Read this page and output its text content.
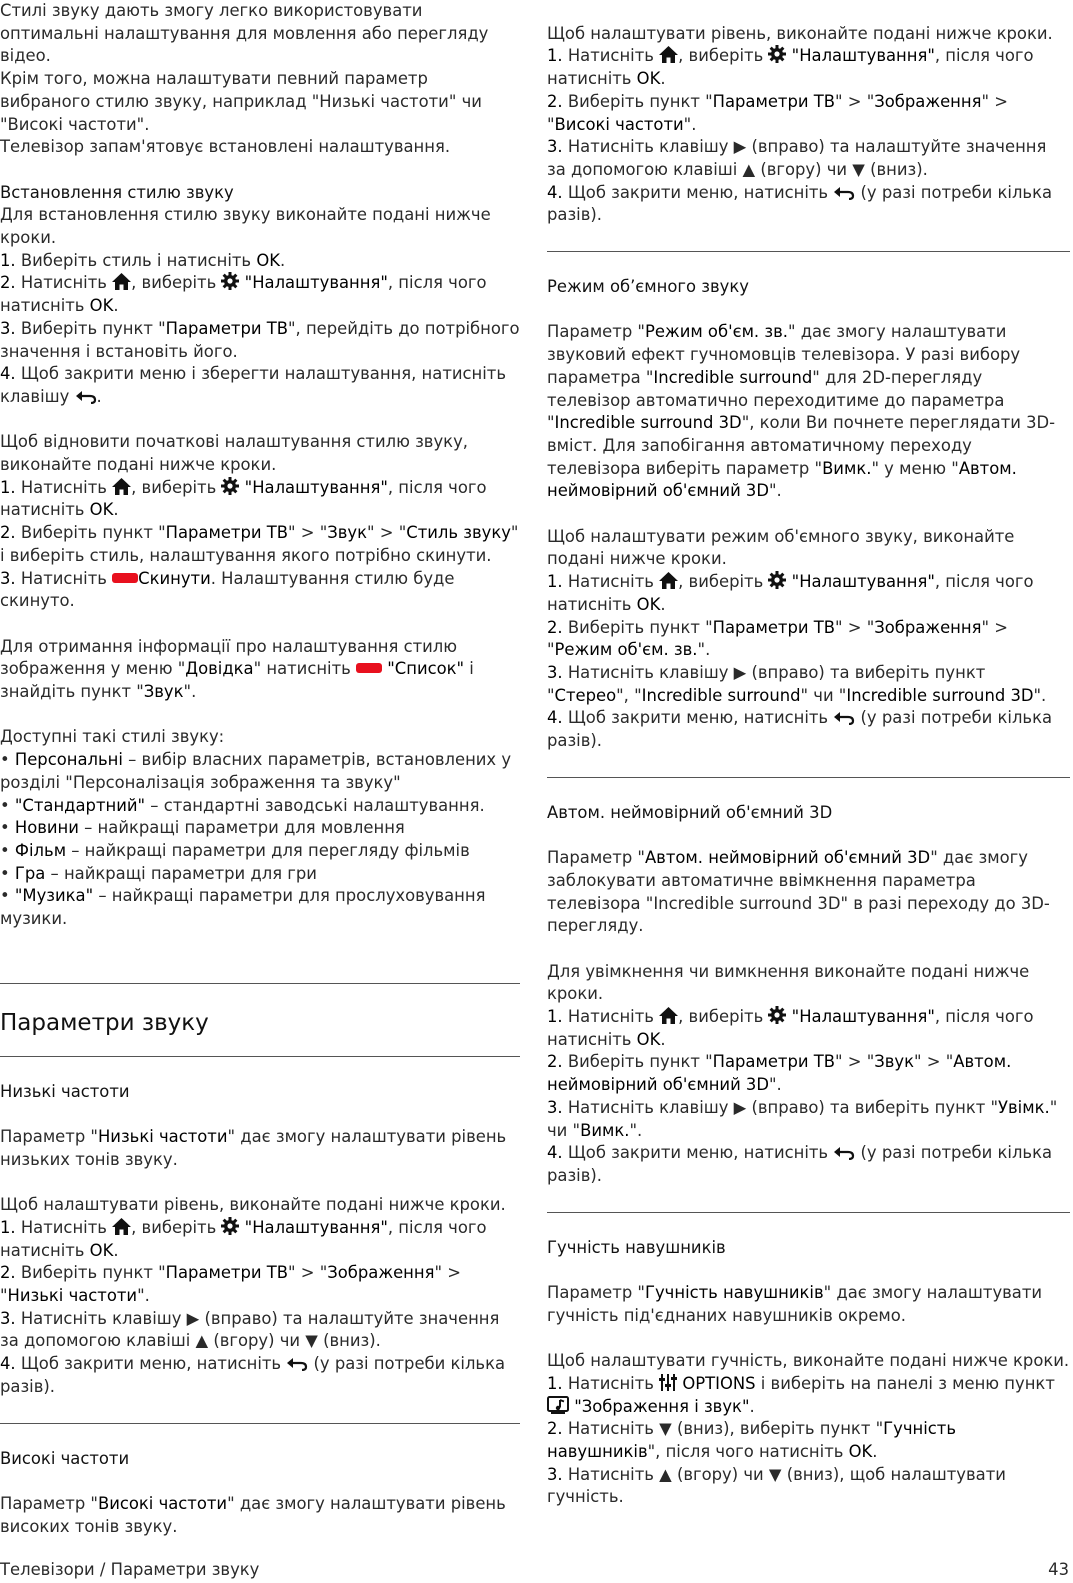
Стилі звуку дають змогу легко використовувати оптимальні налаштування для мовлення або перегляду відео.

Крім того, можна налаштувати певний параметр вибраного стилю звуку, наприклад "Низькі частоти" чи "Високі частоти".

Телевізор запам'ятовує встановлені налаштування.

Встановлення стилю звуку

Для встановлення стилю звуку виконайте подані нижче кроки.

1. Виберіть стиль і натисніть OK.

2. Натисніть , виберіть  "Налаштування", після чого натисніть OK.

3. Виберіть пункт "Параметри ТВ", перейдіть до потрібного значення і встановіть його.

4. Щоб закрити меню і зберегти налаштування, натисніть клавішу .

Щоб відновити початкові налаштування стилю звуку, виконайте подані нижче кроки.

1. Натисніть , виберіть  "Налаштування", після чого натисніть OK.

2. Виберіть пункт "Параметри ТВ" > "Звук" > "Стиль звуку" і виберіть стиль, налаштування якого потрібно скинути.

3. Натисніть Скинути. Налаштування стилю буде скинуто.

Для отримання інформації про налаштування стилю зображення у меню "Довідка" натисніть  "Список" і знайдіть пункт "Звук".

Доступні такі стилі звуку:

• Персональні – вибір власних параметрів, встановлених у розділі "Персоналізація зображення та звуку"

• "Стандартний" – стандартні заводські налаштування.

• Новини – найкращі параметри для мовлення

• Фільм – найкращі параметри для перегляду фільмів

• Гра – найкращі параметри для гри

• "Музика" – найкращі параметри для прослуховування музики.

Параметри звуку
Низькі частоти

Параметр "Низькі частоти" дає змогу налаштувати рівень низьких тонів звуку.

Щоб налаштувати рівень, виконайте подані нижче кроки.

1. Натисніть , виберіть  "Налаштування", після чого натисніть OK.

2. Виберіть пункт "Параметри ТВ" > "Зображення" > "Низькі частоти".

3. Натисніть клавішу ▶ (вправо) та налаштуйте значення за допомогою клавіші ▲ (вгору) чи ▼ (вниз).

4. Щоб закрити меню, натисніть  (у разі потреби кілька разів).

Високі частоти

Параметр "Високі частоти" дає змогу налаштувати рівень високих тонів звуку.

Щоб налаштувати рівень, виконайте подані нижче кроки.

1. Натисніть , виберіть  "Налаштування", після чого натисніть OK.

2. Виберіть пункт "Параметри ТВ" > "Зображення" > "Високі частоти".

3. Натисніть клавішу ▶ (вправо) та налаштуйте значення за допомогою клавіші ▲ (вгору) чи ▼ (вниз).

4. Щоб закрити меню, натисніть  (у разі потреби кілька разів).

Режим об’ємного звуку

Параметр "Режим об'єм. зв." дає змогу налаштувати звуковий ефект гучномовців телевізора. У разі вибору параметра "Incredible surround" для 2D-перегляду телевізор автоматично переходитиме до параметра "Incredible surround 3D", коли Ви почнете переглядати 3D-вміст. Для запобігання автоматичному переходу телевізора виберіть параметр "Вимк." у меню "Автом. неймовірний об'ємний 3D".

Щоб налаштувати режим об'ємного звуку, виконайте подані нижче кроки.

1. Натисніть , виберіть  "Налаштування", після чого натисніть OK.

2. Виберіть пункт "Параметри ТВ" > "Зображення" > "Режим об'єм. зв.".

3. Натисніть клавішу ▶ (вправо) та виберіть пункт "Стерео", "Incredible surround" чи "Incredible surround 3D".

4. Щоб закрити меню, натисніть  (у разі потреби кілька разів).

Автом. неймовірний об'ємний 3D

Параметр "Автом. неймовірний об'ємний 3D" дає змогу заблокувати автоматичне ввімкнення параметра телевізора "Incredible surround 3D" в разі переходу до 3D-перегляду.

Для увімкнення чи вимкнення виконайте подані нижче кроки.

1. Натисніть , виберіть  "Налаштування", після чого натисніть OK.

2. Виберіть пункт "Параметри ТВ" > "Звук" > "Автом. неймовірний об'ємний 3D".

3. Натисніть клавішу ▶ (вправо) та виберіть пункт "Увімк." чи "Вимк.".

4. Щоб закрити меню, натисніть  (у разі потреби кілька разів).

Гучність навушників

Параметр "Гучність навушників" дає змогу налаштувати гучність під'єднаних навушників окремо.

Щоб налаштувати гучність, виконайте подані нижче кроки.

1. Натисніть  OPTIONS і виберіть на панелі з меню пункт  "Зображення і звук".

2. Натисніть ▼ (вниз), виберіть пункт "Гучність навушників", після чого натисніть OK.

3. Натисніть ▲ (вгору) чи ▼ (вниз), щоб налаштувати гучність.

Телевізори / Параметри звуку	43
